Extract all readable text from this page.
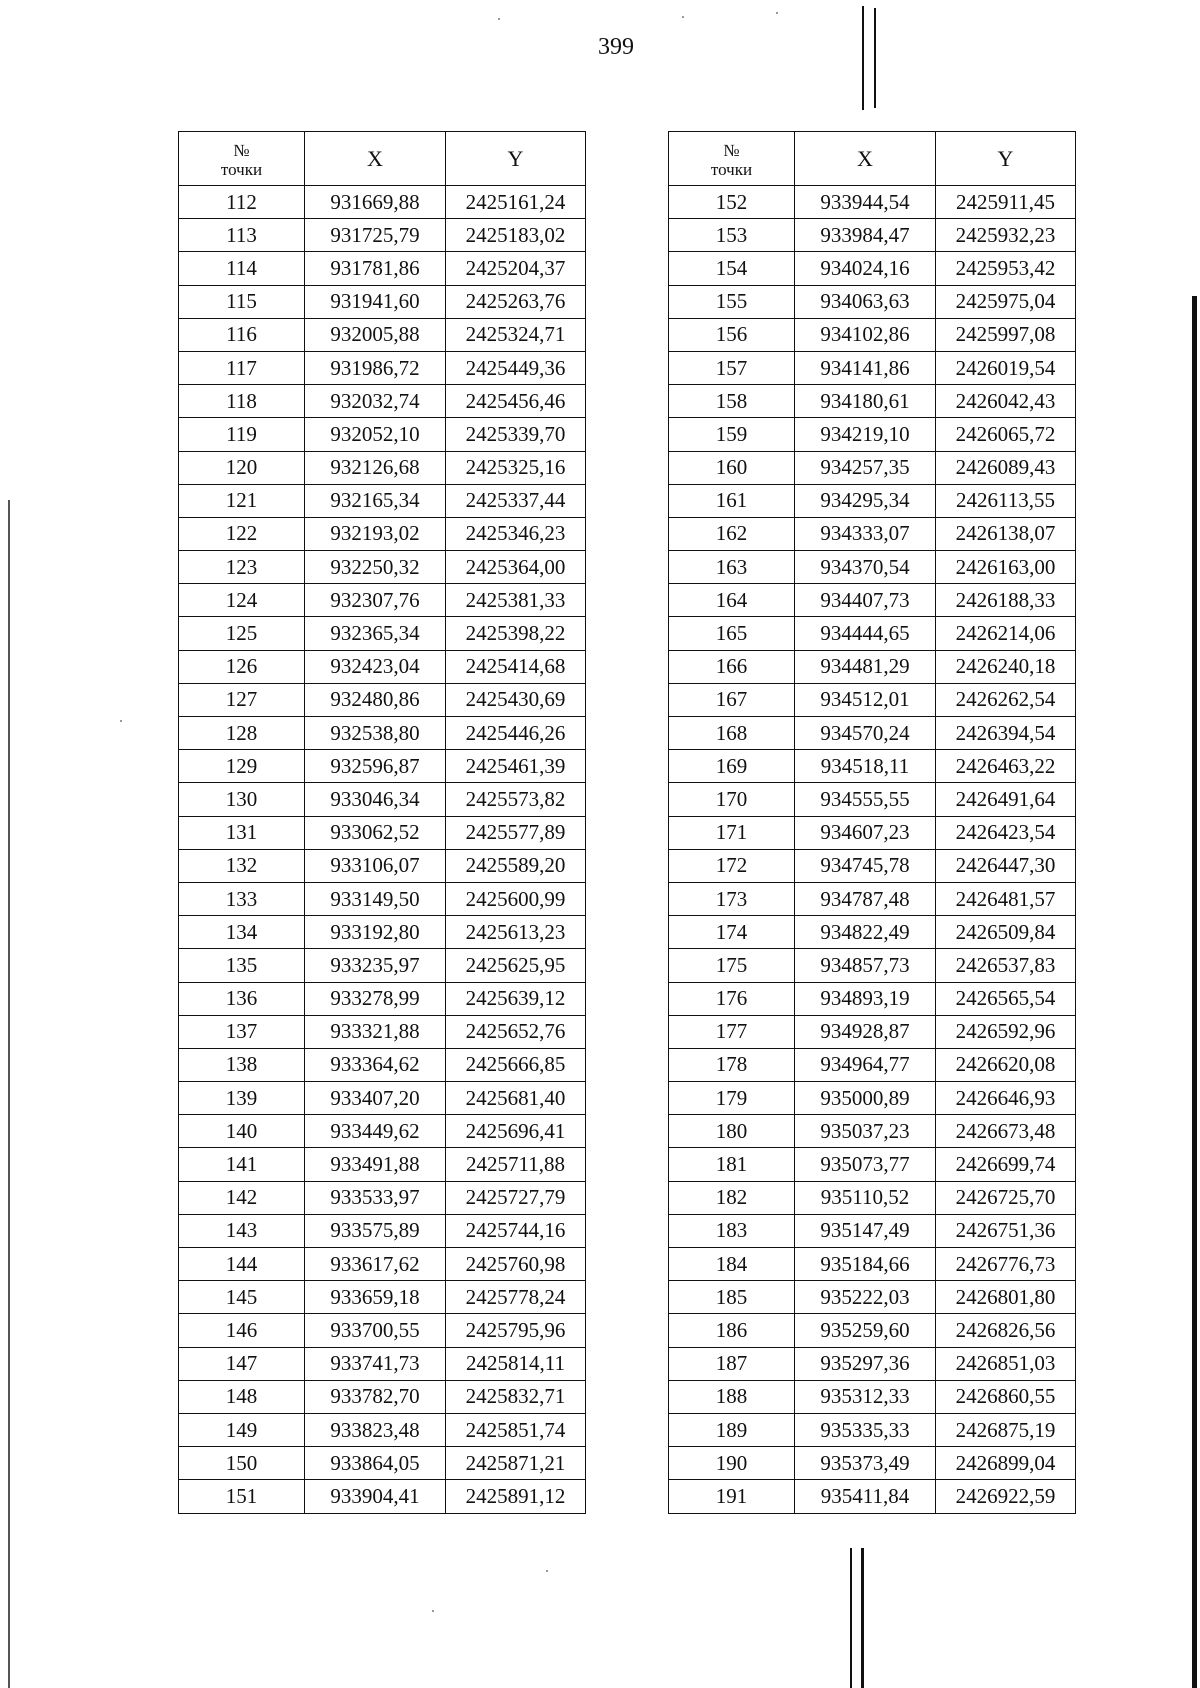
399
№
точки	X	Y
112	931669,88	2425161,24
113	931725,79	2425183,02
114	931781,86	2425204,37
115	931941,60	2425263,76
116	932005,88	2425324,71
117	931986,72	2425449,36
118	932032,74	2425456,46
119	932052,10	2425339,70
120	932126,68	2425325,16
121	932165,34	2425337,44
122	932193,02	2425346,23
123	932250,32	2425364,00
124	932307,76	2425381,33
125	932365,34	2425398,22
126	932423,04	2425414,68
127	932480,86	2425430,69
128	932538,80	2425446,26
129	932596,87	2425461,39
130	933046,34	2425573,82
131	933062,52	2425577,89
132	933106,07	2425589,20
133	933149,50	2425600,99
134	933192,80	2425613,23
135	933235,97	2425625,95
136	933278,99	2425639,12
137	933321,88	2425652,76
138	933364,62	2425666,85
139	933407,20	2425681,40
140	933449,62	2425696,41
141	933491,88	2425711,88
142	933533,97	2425727,79
143	933575,89	2425744,16
144	933617,62	2425760,98
145	933659,18	2425778,24
146	933700,55	2425795,96
147	933741,73	2425814,11
148	933782,70	2425832,71
149	933823,48	2425851,74
150	933864,05	2425871,21
151	933904,41	2425891,12
№
точки	X	Y
152	933944,54	2425911,45
153	933984,47	2425932,23
154	934024,16	2425953,42
155	934063,63	2425975,04
156	934102,86	2425997,08
157	934141,86	2426019,54
158	934180,61	2426042,43
159	934219,10	2426065,72
160	934257,35	2426089,43
161	934295,34	2426113,55
162	934333,07	2426138,07
163	934370,54	2426163,00
164	934407,73	2426188,33
165	934444,65	2426214,06
166	934481,29	2426240,18
167	934512,01	2426262,54
168	934570,24	2426394,54
169	934518,11	2426463,22
170	934555,55	2426491,64
171	934607,23	2426423,54
172	934745,78	2426447,30
173	934787,48	2426481,57
174	934822,49	2426509,84
175	934857,73	2426537,83
176	934893,19	2426565,54
177	934928,87	2426592,96
178	934964,77	2426620,08
179	935000,89	2426646,93
180	935037,23	2426673,48
181	935073,77	2426699,74
182	935110,52	2426725,70
183	935147,49	2426751,36
184	935184,66	2426776,73
185	935222,03	2426801,80
186	935259,60	2426826,56
187	935297,36	2426851,03
188	935312,33	2426860,55
189	935335,33	2426875,19
190	935373,49	2426899,04
191	935411,84	2426922,59
